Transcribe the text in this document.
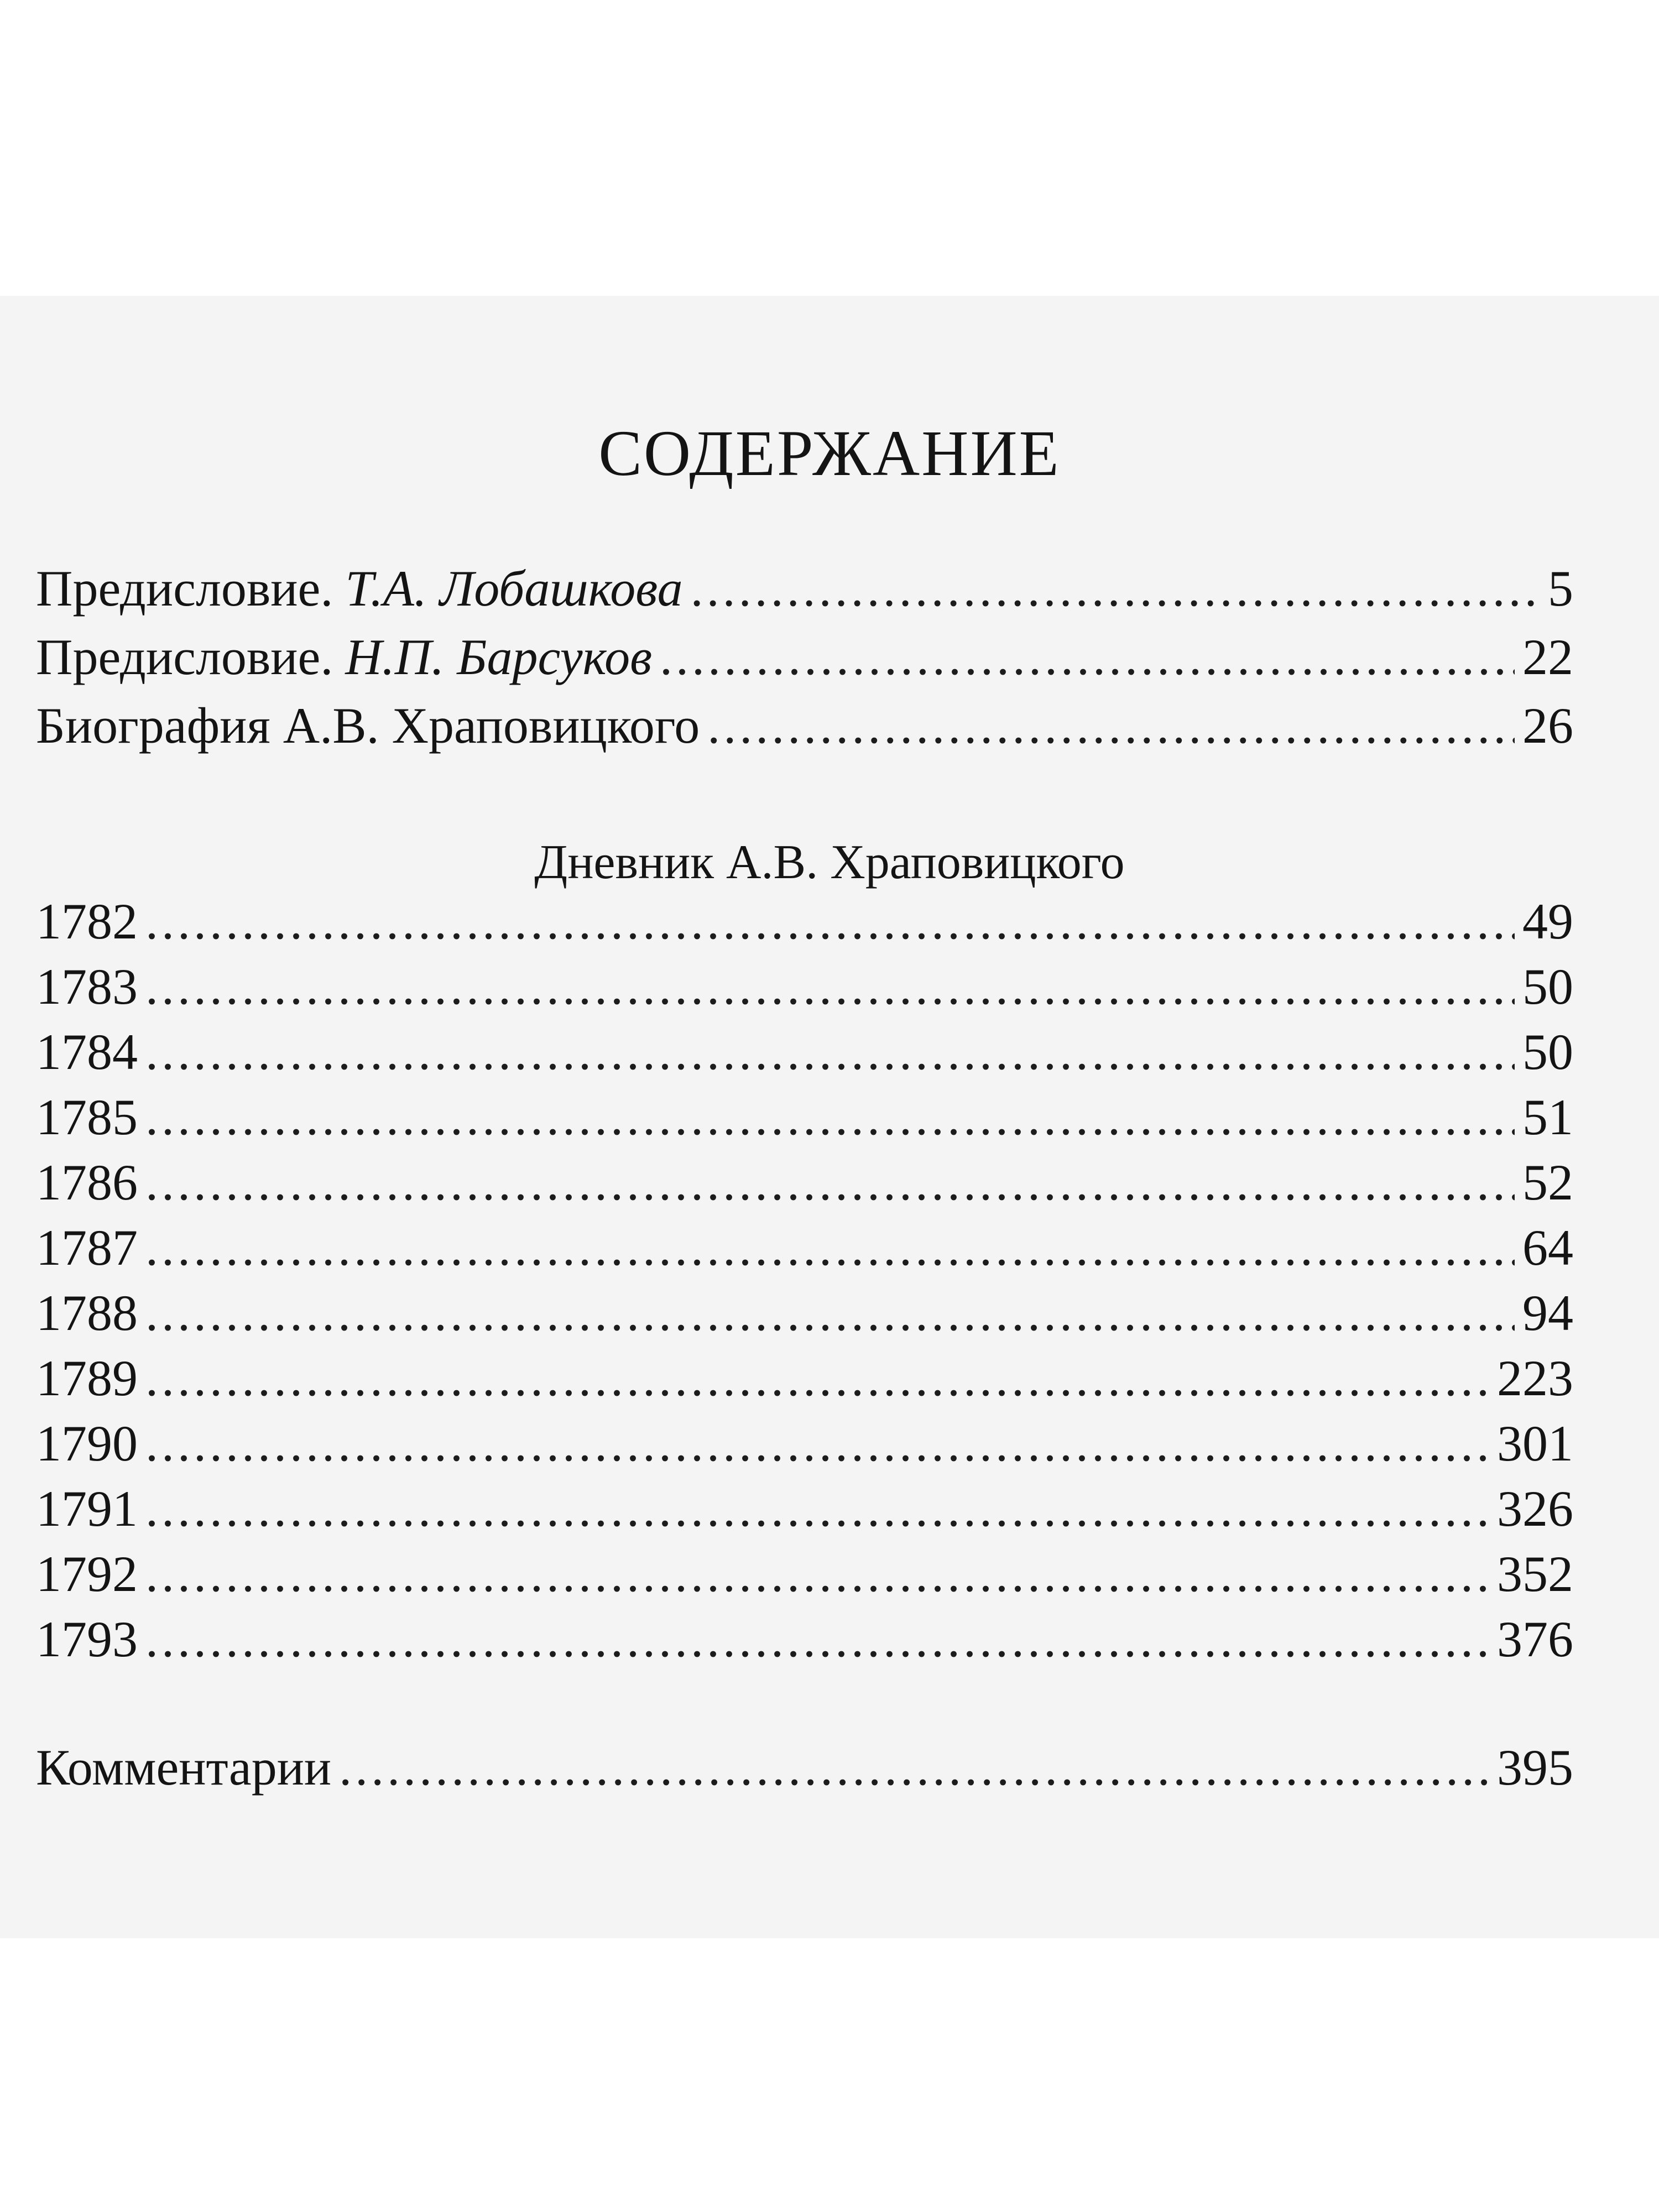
СОДЕРЖАНИЕ
Предисловие. Т.А. Лобашкова .....	5
Предисловие. Н.П. Барсуков .....	22
Биография А.В. Храповицкого .....	26
Дневник А.В. Храповицкого
1782 .....	49
1783 .....	50
1784 .....	50
1785 .....	51
1786 .....	52
1787 .....	64
1788 .....	94
1789 .....	223
1790 .....	301
1791 .....	326
1792 .....	352
1793 .....	376
Комментарии .....	395
